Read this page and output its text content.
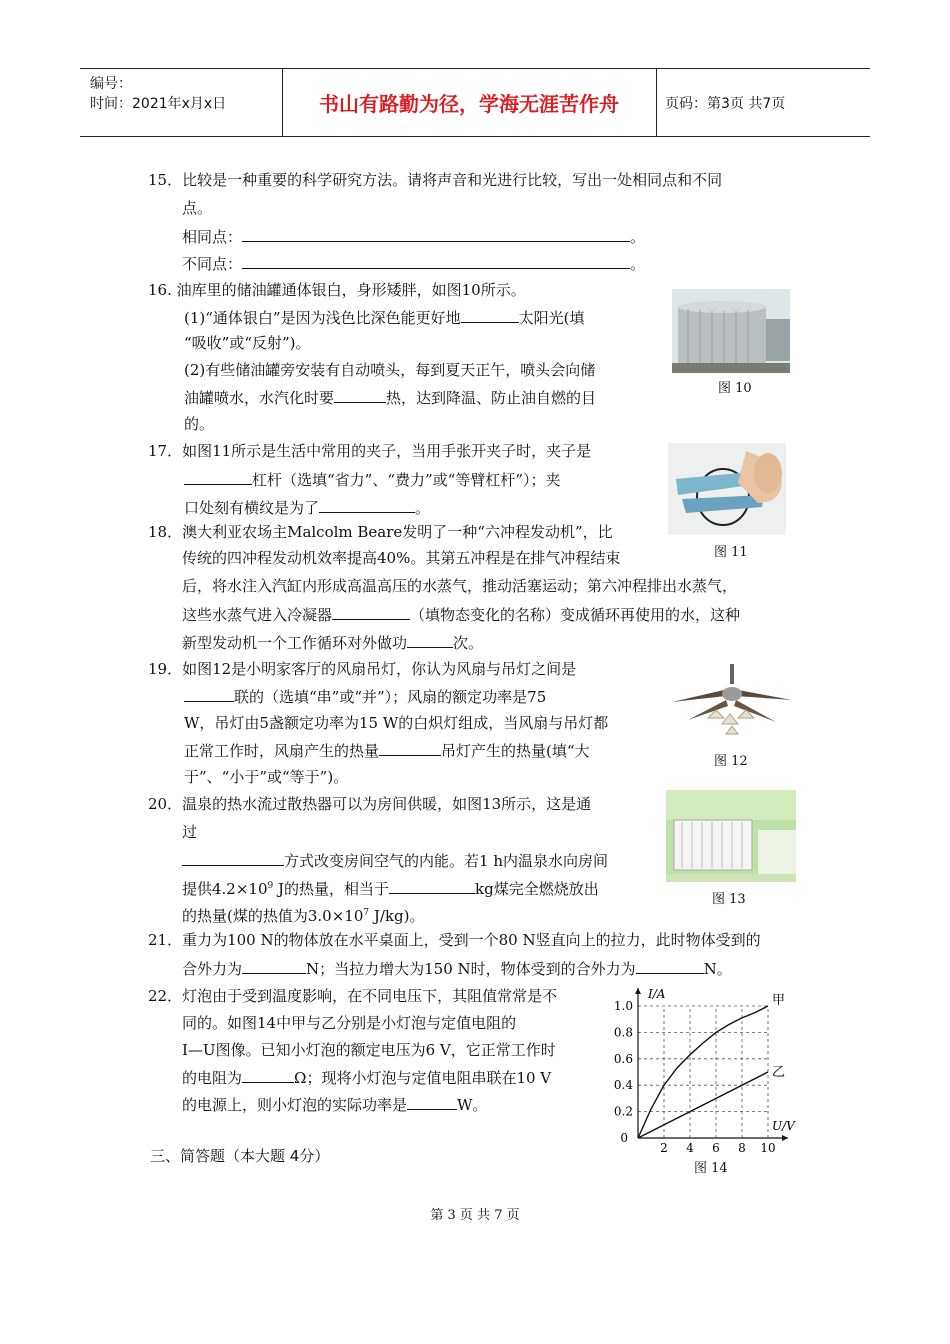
编号：
时间：2021年x月x日	书山有路勤为径，学海无涯苦作舟	页码：第3页 共7页
15．比较是一种重要的科学研究方法。请将声音和光进行比较，写出一处相同点和不同
点。
相同点：	。
不同点：	。
16. 油库里的储油罐通体银白，身形矮胖，如图10所示。
(1)“通体银白”是因为浅色比深色能更好地	太阳光(填
“吸收”或“反射”)。
(2)有些储油罐旁安装有自动喷头，每到夏天正午，喷头会向储
油罐喷水，水汽化时要	热，达到降温、防止油自燃的目
的。
图 10
17．如图11所示是生活中常用的夹子，当用手张开夹子时，夹子是
杠杆（选填“省力”、“费力”或“等臂杠杆”）；夹
口处刻有横纹是为了	。
图 11
18．澳大利亚农场主Malcolm Beare发明了一种“六冲程发动机”，比
传统的四冲程发动机效率提高40%。其第五冲程是在排气冲程结束
后，将水注入汽缸内形成高温高压的水蒸气，推动活塞运动；第六冲程排出水蒸气，
这些水蒸气进入冷凝器	（填物态变化的名称）变成循环再使用的水，这种
新型发动机一个工作循环对外做功	次。
19．如图12是小明家客厅的风扇吊灯，你认为风扇与吊灯之间是
联的（选填“串”或“并”）；风扇的额定功率是75
W，吊灯由5盏额定功率为15 W的白炽灯组成，当风扇与吊灯都
正常工作时，风扇产生的热量	吊灯产生的热量(填“大
于”、“小于”或“等于”)。
图 12
20．温泉的热水流过散热器可以为房间供暖，如图13所示，这是通
过
方式改变房间空气的内能。若1 h内温泉水向房间
提供$4.2\times 10^9$ J的热量，相当于	kg煤完全燃烧放出
的热量(煤的热值为$3.0\times 10^7$ J/kg)。
图 13
21．重力为100 N的物体放在水平桌面上，受到一个80 N竖直向上的拉力，此时物体受到的
合外力为	N；当拉力增大为150 N时，物体受到的合外力为	N。
22．灯泡由于受到温度影响，在不同电压下，其阻值常常是不
同的。如图14中甲与乙分别是小灯泡与定值电阻的
I—U图像。已知小灯泡的额定电压为6 V，它正常工作时
的电阻为	Ω；现将小灯泡与定值电阻串联在10 V
的电源上，则小灯泡的实际功率是	W。
2 4 6 8 10
0.2
0.4
0.6
0.8
1.0
0
U/V
I/A	甲
乙
图 14
三、简答题（本大题 4分）
第 3 页 共 7 页
